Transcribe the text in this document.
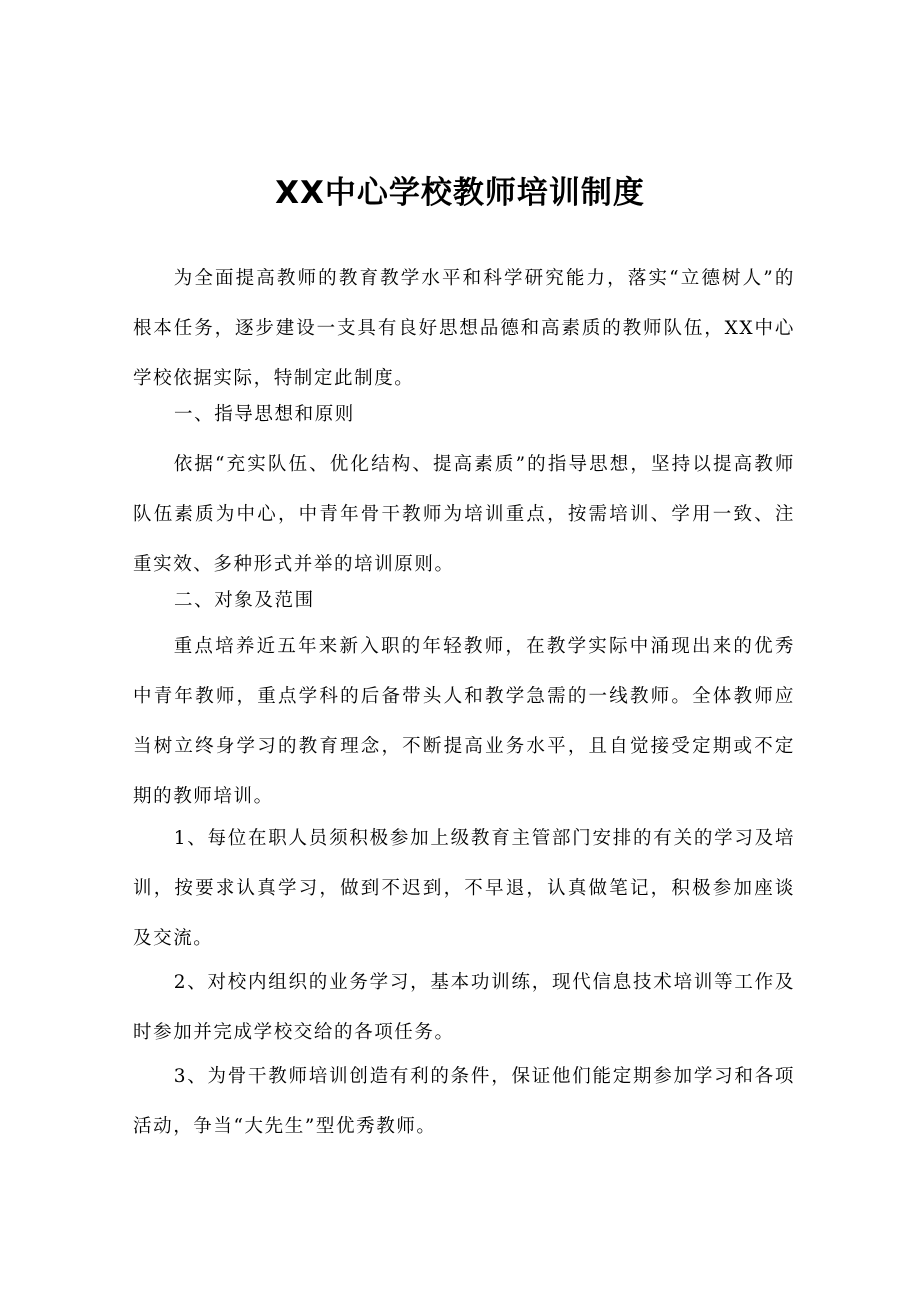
XX中心学校教师培训制度
为全面提高教师的教育教学水平和科学研究能力，落实“立德树人”的根本任务，逐步建设一支具有良好思想品德和高素质的教师队伍，XX中心学校依据实际，特制定此制度。
一、指导思想和原则
依据“充实队伍、优化结构、提高素质”的指导思想，坚持以提高教师队伍素质为中心，中青年骨干教师为培训重点，按需培训、学用一致、注重实效、多种形式并举的培训原则。
二、对象及范围
重点培养近五年来新入职的年轻教师，在教学实际中涌现出来的优秀中青年教师，重点学科的后备带头人和教学急需的一线教师。全体教师应当树立终身学习的教育理念，不断提高业务水平，且自觉接受定期或不定期的教师培训。
1、每位在职人员须积极参加上级教育主管部门安排的有关的学习及培训，按要求认真学习，做到不迟到，不早退，认真做笔记，积极参加座谈及交流。
2、对校内组织的业务学习，基本功训练，现代信息技术培训等工作及时参加并完成学校交给的各项任务。
3、为骨干教师培训创造有利的条件，保证他们能定期参加学习和各项活动，争当“大先生”型优秀教师。
